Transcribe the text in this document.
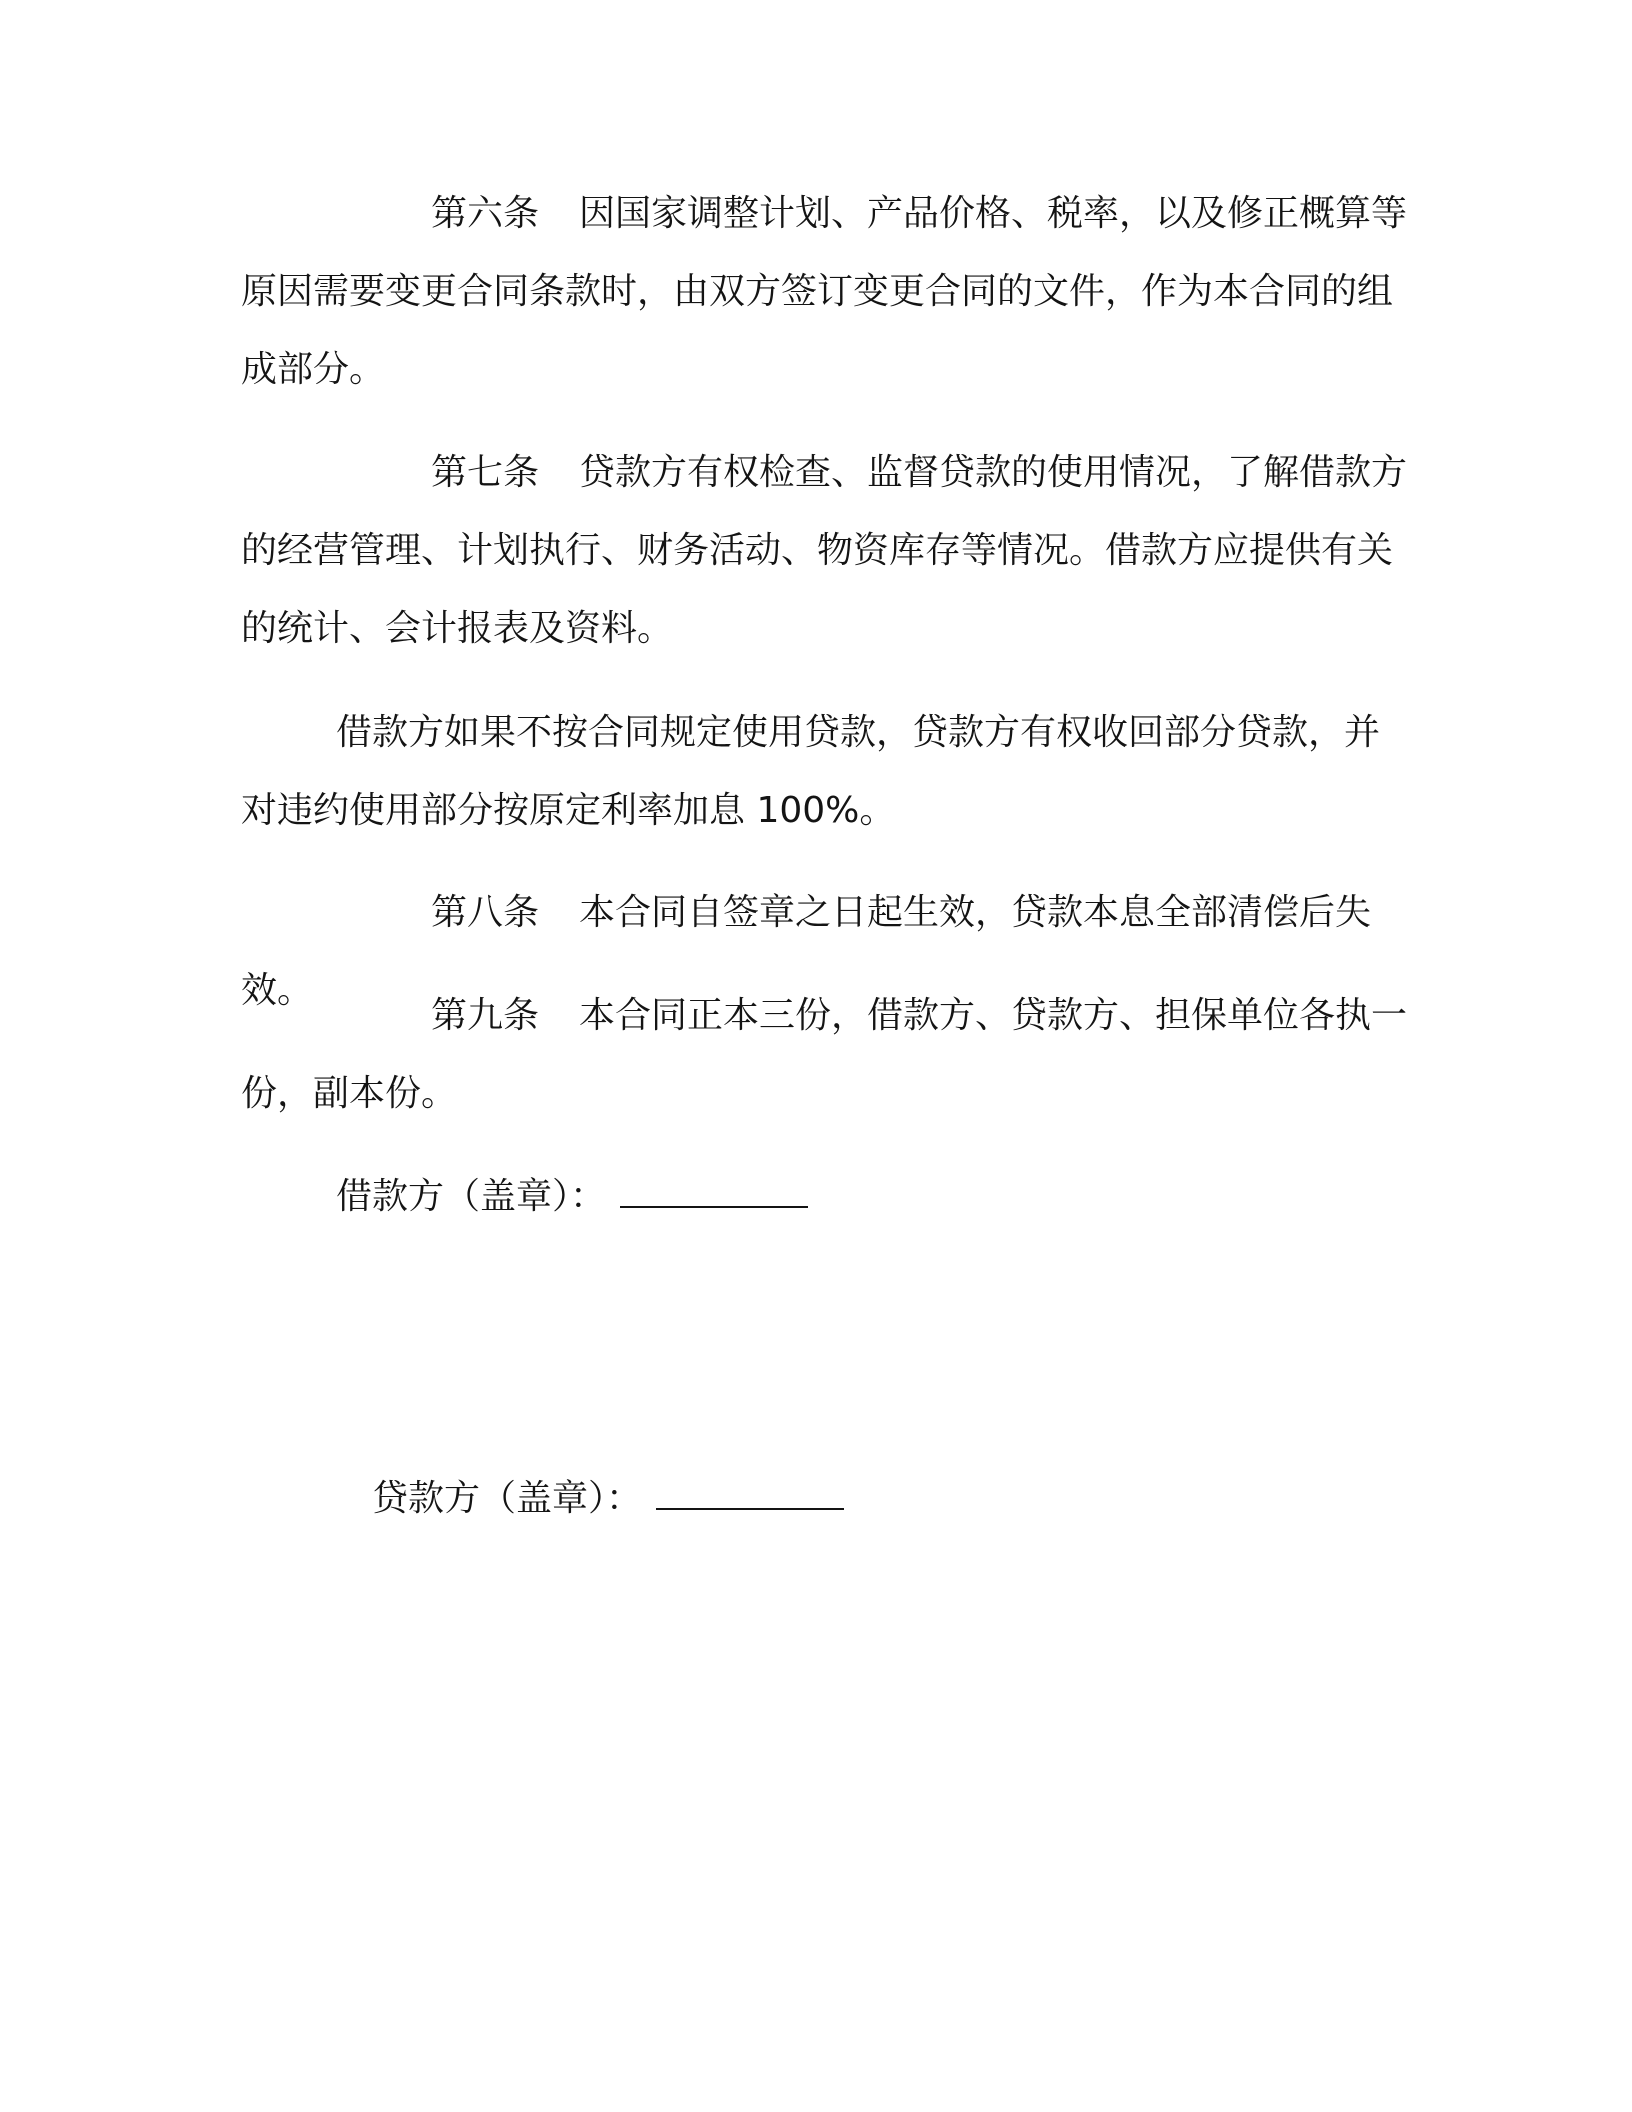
第六条 因国家调整计划、产品价格、税率，以及修正概算等原因需要变更合同条款时，由双方签订变更合同的文件，作为本合同的组成部分。

第七条 贷款方有权检查、监督贷款的使用情况，了解借款方的经营管理、计划执行、财务活动、物资库存等情况。借款方应提供有关的统计、会计报表及资料。

借款方如果不按合同规定使用贷款，贷款方有权收回部分贷款，并对违约使用部分按原定利率加息 100%。

第八条 本合同自签章之日起生效，贷款本息全部清偿后失效。

第九条 本合同正本三份，借款方、贷款方、担保单位各执一份，副本份。

借款方（盖章）：

贷款方（盖章）：
